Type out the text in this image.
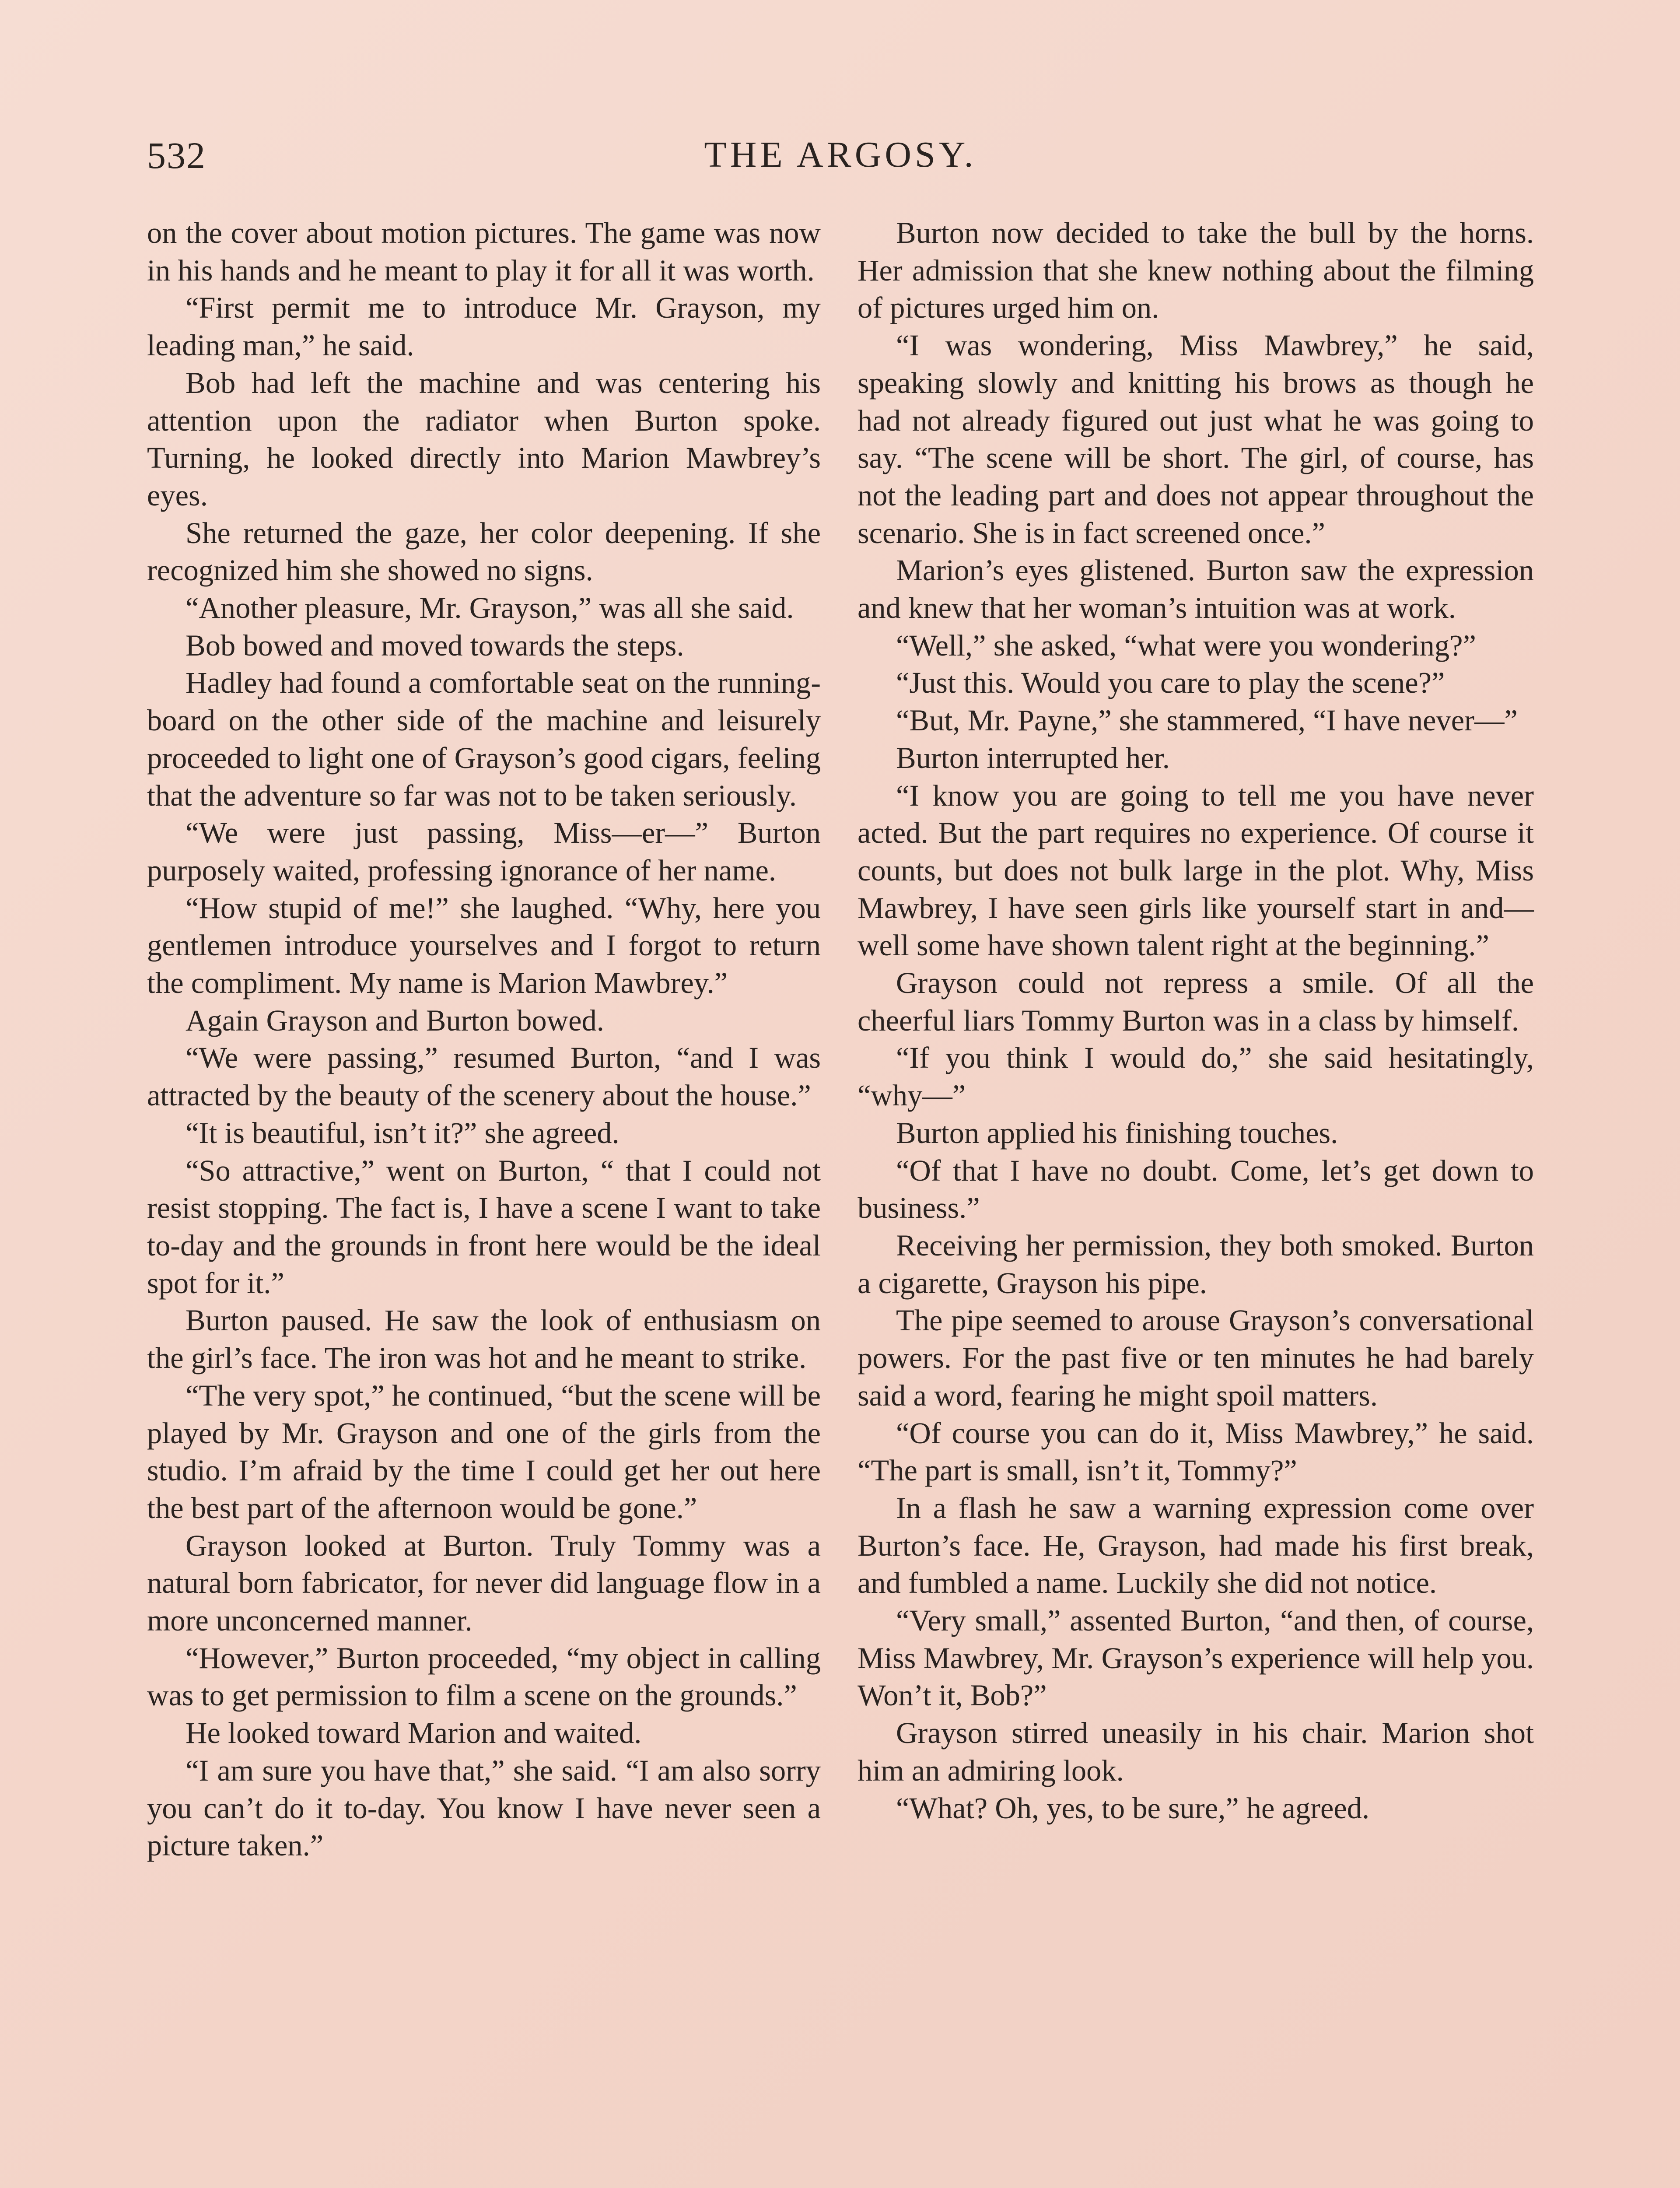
532	THE ARGOSY.

on the cover about motion pictures. The game was now in his hands and he meant to play it for all it was worth.

“First permit me to introduce Mr. Grayson, my leading man,” he said.

Bob had left the machine and was centering his attention upon the radiator when Burton spoke. Turning, he looked directly into Marion Mawbrey’s eyes.

She returned the gaze, her color deepening. If she recognized him she showed no signs.

“Another pleasure, Mr. Grayson,” was all she said.

Bob bowed and moved towards the steps.

Hadley had found a comfortable seat on the running-board on the other side of the machine and leisurely proceeded to light one of Grayson’s good cigars, feeling that the adventure so far was not to be taken seriously.

“We were just passing, Miss—er—” Burton purposely waited, professing ignorance of her name.

“How stupid of me!” she laughed. “Why, here you gentlemen introduce yourselves and I forgot to return the compliment. My name is Marion Mawbrey.”

Again Grayson and Burton bowed.

“We were passing,” resumed Burton, “and I was attracted by the beauty of the scenery about the house.”

“It is beautiful, isn’t it?” she agreed.

“So attractive,” went on Burton, “ that I could not resist stopping. The fact is, I have a scene I want to take to-day and the grounds in front here would be the ideal spot for it.”

Burton paused. He saw the look of enthusiasm on the girl’s face. The iron was hot and he meant to strike.

“The very spot,” he continued, “but the scene will be played by Mr. Grayson and one of the girls from the studio. I’m afraid by the time I could get her out here the best part of the afternoon would be gone.”

Grayson looked at Burton. Truly Tommy was a natural born fabricator, for never did language flow in a more unconcerned manner.

“However,” Burton proceeded, “my object in calling was to get permission to film a scene on the grounds.”

He looked toward Marion and waited.

“I am sure you have that,” she said. “I am also sorry you can’t do it to-day. You know I have never seen a picture taken.”

Burton now decided to take the bull by the horns. Her admission that she knew nothing about the filming of pictures urged him on.

“I was wondering, Miss Mawbrey,” he said, speaking slowly and knitting his brows as though he had not already figured out just what he was going to say. “The scene will be short. The girl, of course, has not the leading part and does not appear throughout the scenario. She is in fact screened once.”

Marion’s eyes glistened. Burton saw the expression and knew that her woman’s intuition was at work.

“Well,” she asked, “what were you wondering?”

“Just this. Would you care to play the scene?”

“But, Mr. Payne,” she stammered, “I have never—”

Burton interrupted her.

“I know you are going to tell me you have never acted. But the part requires no experience. Of course it counts, but does not bulk large in the plot. Why, Miss Mawbrey, I have seen girls like yourself start in and—well some have shown talent right at the beginning.”

Grayson could not repress a smile. Of all the cheerful liars Tommy Burton was in a class by himself.

“If you think I would do,” she said hesitatingly, “why—”

Burton applied his finishing touches.

“Of that I have no doubt. Come, let’s get down to business.”

Receiving her permission, they both smoked. Burton a cigarette, Grayson his pipe.

The pipe seemed to arouse Grayson’s conversational powers. For the past five or ten minutes he had barely said a word, fearing he might spoil matters.

“Of course you can do it, Miss Mawbrey,” he said. “The part is small, isn’t it, Tommy?”

In a flash he saw a warning expression come over Burton’s face. He, Grayson, had made his first break, and fumbled a name. Luckily she did not notice.

“Very small,” assented Burton, “and then, of course, Miss Mawbrey, Mr. Grayson’s experience will help you. Won’t it, Bob?”

Grayson stirred uneasily in his chair. Marion shot him an admiring look.

“What? Oh, yes, to be sure,” he agreed.
